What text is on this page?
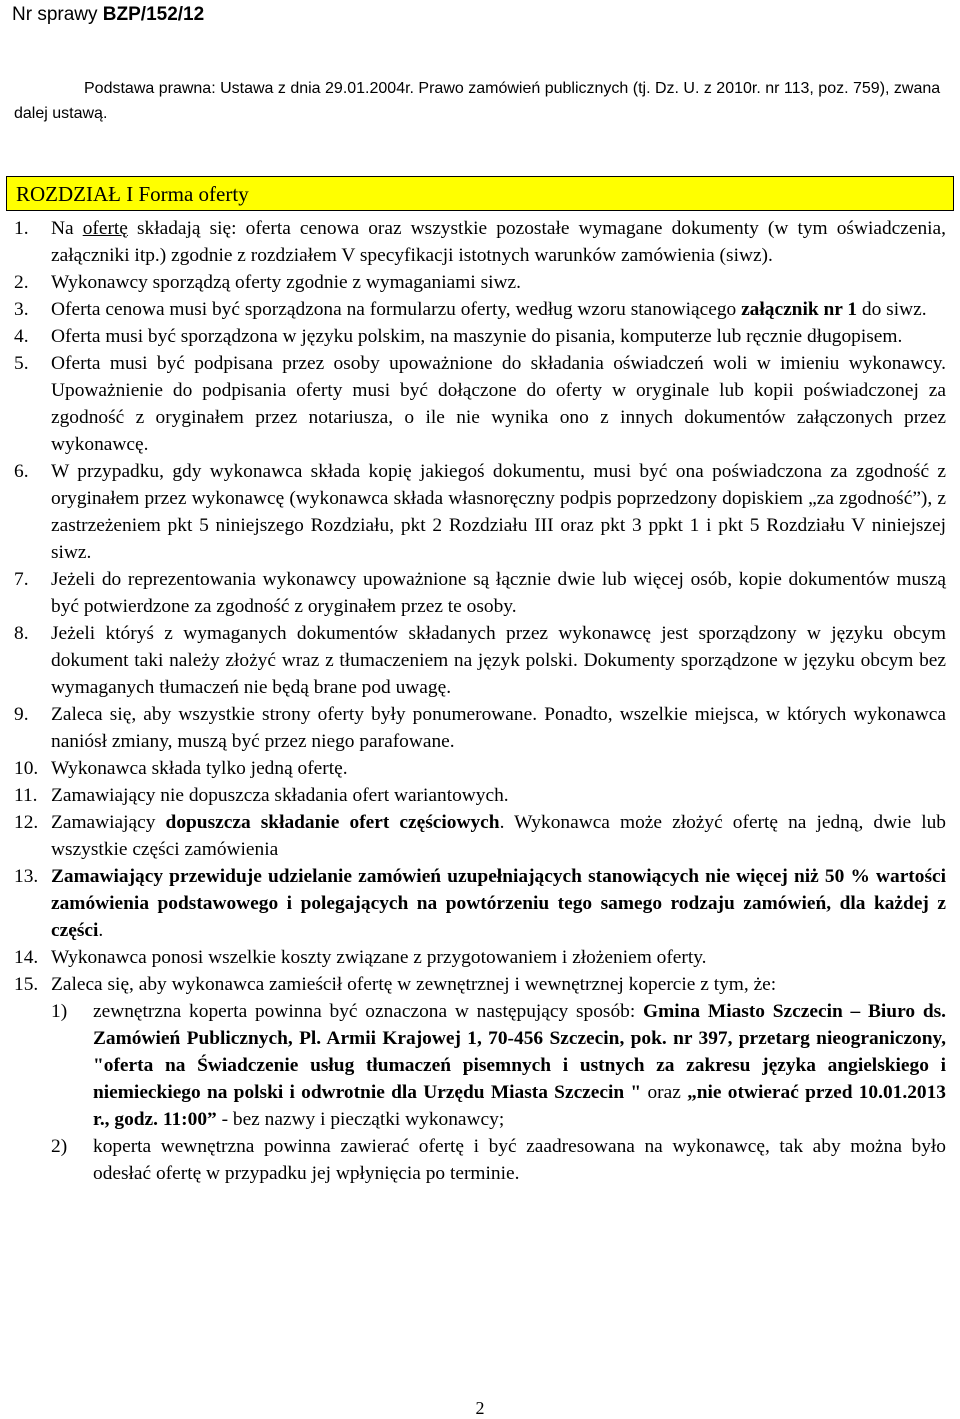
Nr sprawy BZP/152/12
Podstawa prawna: Ustawa z dnia 29.01.2004r. Prawo zamówień publicznych (tj. Dz. U. z 2010r. nr 113, poz. 759), zwana dalej ustawą.
ROZDZIAŁ I Forma oferty
1.	Na ofertę składają się: oferta cenowa oraz wszystkie pozostałe wymagane dokumenty (w tym oświadczenia, załączniki itp.) zgodnie z rozdziałem V specyfikacji istotnych warunków zamówienia (siwz).
2.	Wykonawcy sporządzą oferty zgodnie z wymaganiami siwz.
3.	Oferta cenowa musi być sporządzona na formularzu oferty, według wzoru stanowiącego załącznik nr 1 do siwz.
4.	Oferta musi być sporządzona w języku polskim, na maszynie do pisania, komputerze lub ręcznie długopisem.
5.	Oferta musi być podpisana przez osoby upoważnione do składania oświadczeń woli w imieniu wykonawcy. Upoważnienie do podpisania oferty musi być dołączone do oferty w oryginale lub kopii poświadczonej za zgodność z oryginałem przez notariusza, o ile nie wynika ono z innych dokumentów załączonych przez wykonawcę.
6.	W przypadku, gdy wykonawca składa kopię jakiegoś dokumentu, musi być ona poświadczona za zgodność z oryginałem przez wykonawcę (wykonawca składa własnoręczny podpis poprzedzony dopiskiem „za zgodność”), z zastrzeżeniem pkt 5 niniejszego Rozdziału, pkt 2 Rozdziału III oraz pkt 3 ppkt 1 i pkt 5 Rozdziału V niniejszej siwz.
7.	Jeżeli do reprezentowania wykonawcy upoważnione są łącznie dwie lub więcej osób, kopie dokumentów muszą być potwierdzone za zgodność z oryginałem przez te osoby.
8.	Jeżeli któryś z wymaganych dokumentów składanych przez wykonawcę jest sporządzony w języku obcym dokument taki należy złożyć wraz z tłumaczeniem na język polski. Dokumenty sporządzone w języku obcym bez wymaganych tłumaczeń nie będą brane pod uwagę.
9.	Zaleca się, aby wszystkie strony oferty były ponumerowane. Ponadto, wszelkie miejsca, w których wykonawca naniósł zmiany, muszą być przez niego parafowane.
10. Wykonawca składa tylko jedną ofertę.
11. Zamawiający nie dopuszcza składania ofert wariantowych.
12. Zamawiający dopuszcza składanie ofert częściowych. Wykonawca może złożyć ofertę na jedną, dwie lub wszystkie części zamówienia
13. Zamawiający przewiduje udzielanie zamówień uzupełniających stanowiących nie więcej niż 50 % wartości zamówienia podstawowego i polegających na powtórzeniu tego samego rodzaju zamówień, dla każdej z części.
14. Wykonawca ponosi wszelkie koszty związane z przygotowaniem i złożeniem oferty.
15. Zaleca się, aby wykonawca zamieścił ofertę w zewnętrznej i wewnętrznej kopercie z tym, że:
1)	zewnętrzna koperta powinna być oznaczona w następujący sposób: Gmina Miasto Szczecin – Biuro ds. Zamówień Publicznych, Pl. Armii Krajowej 1, 70-456 Szczecin, pok. nr 397, przetarg nieograniczony, "oferta na Świadczenie usług tłumaczeń pisemnych i ustnych za zakresu języka angielskiego i niemieckiego na polski i odwrotnie dla Urzędu Miasta Szczecin " oraz „nie otwierać przed 10.01.2013 r., godz. 11:00” - bez nazwy i pieczątki wykonawcy;
2)	koperta wewnętrzna powinna zawierać ofertę i być zaadresowana na wykonawcę, tak aby można było odesłać ofertę w przypadku jej wpłynięcia po terminie.
2
